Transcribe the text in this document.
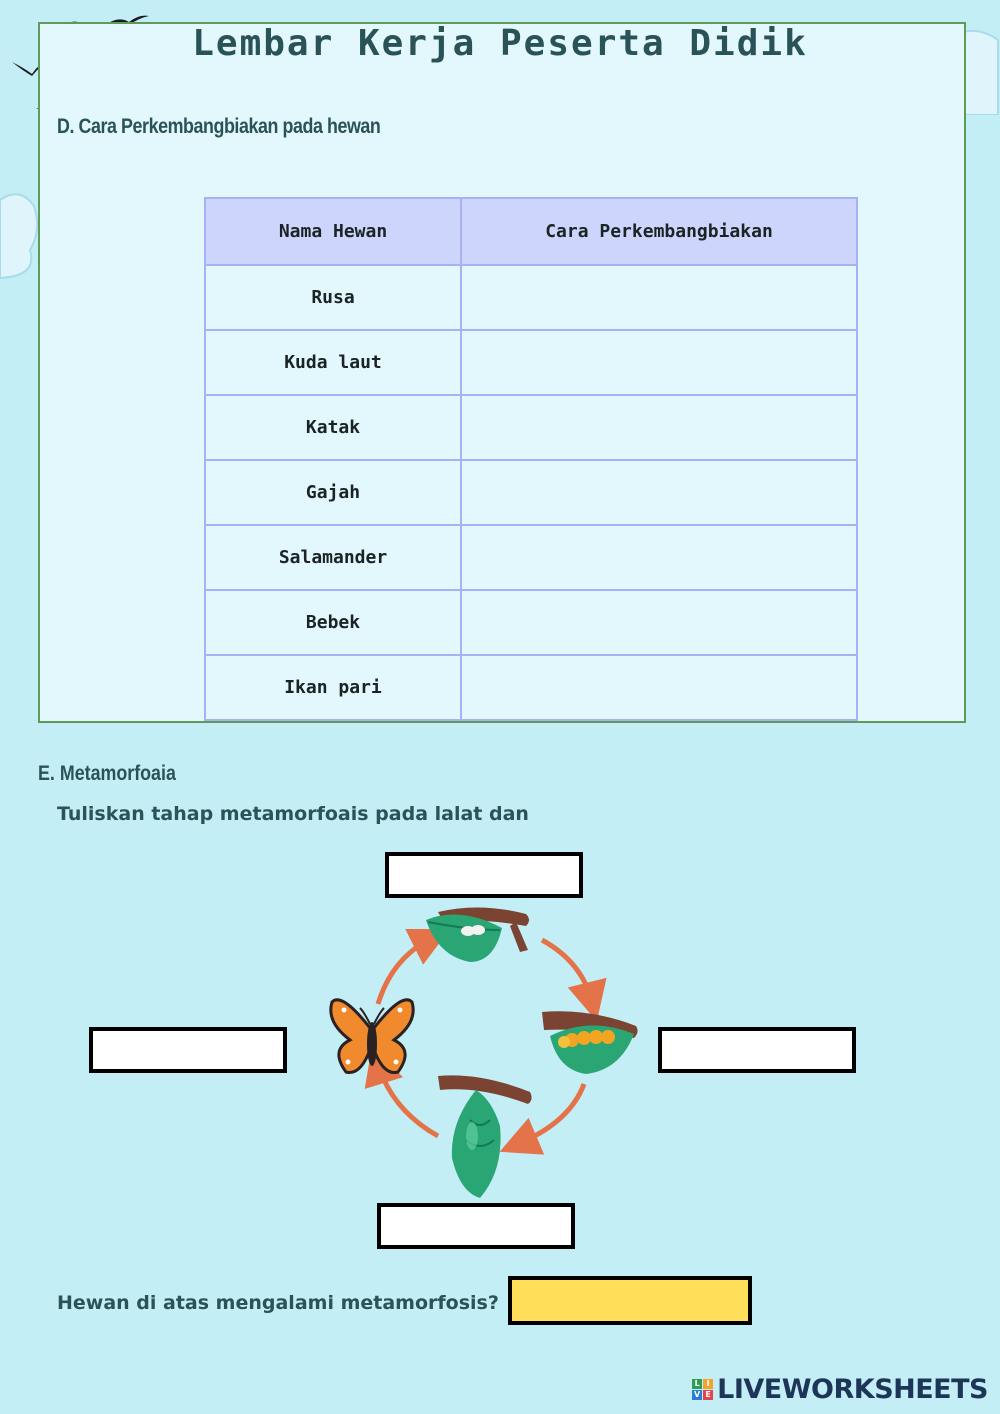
Lembar Kerja Peserta Didik
D. Cara Perkembangbiakan pada hewan
Nama Hewan	Cara Perkembangbiakan
Rusa	
Kuda laut	
Katak	
Gajah	
Salamander	
Bebek	
Ikan pari	
E. Metamorfoaia
Tuliskan tahap metamorfoais pada lalat dan
Hewan di atas mengalami metamorfosis?
L I
V E LIVEWORKSHEETS
